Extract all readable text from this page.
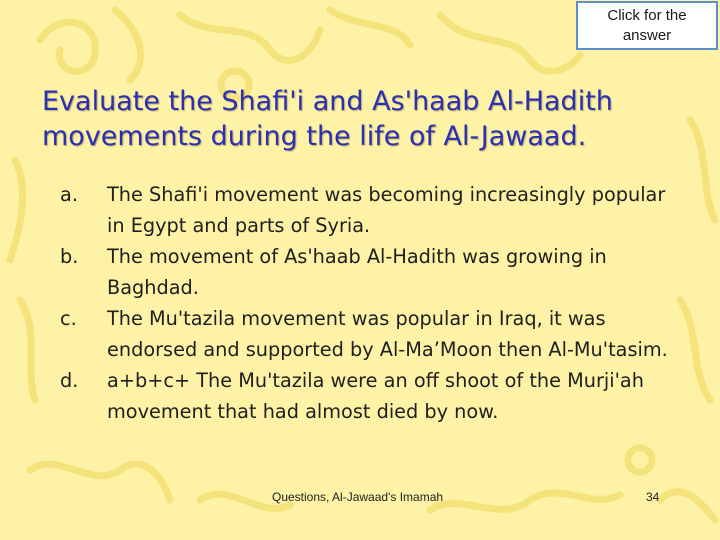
Click for the
answer
Evaluate the Shafi'i and As'haab Al-Hadith
movements during the life of Al-Jawaad.
a.	The Shafi'i movement was becoming increasingly popular in Egypt and parts of Syria.
b.	The movement of As'haab Al-Hadith was growing in Baghdad.
c.	The Mu'tazila movement was popular in Iraq, it was endorsed and supported by Al-Ma’Moon then Al-Mu'tasim.
d.	a+b+c+ The Mu'tazila were an off shoot of the Murji'ah movement that had almost died by now.
Questions, Al-Jawaad's Imamah	34
